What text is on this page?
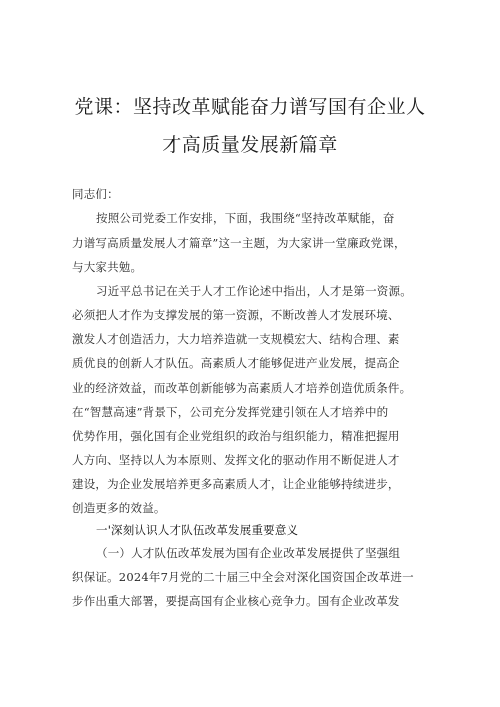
党课：坚持改革赋能奋力谱写国有企业人
才高质量发展新篇章
同志们：
按照公司党委工作安排，下面，我围绕“坚持改革赋能，奋
力谱写高质量发展人才篇章”这一主题，为大家讲一堂廉政党课，
与大家共勉。
习近平总书记在关于人才工作论述中指出，人才是第一资源。
必须把人才作为支撑发展的第一资源，不断改善人才发展环境、
激发人才创造活力，大力培养造就一支规模宏大、结构合理、素
质优良的创新人才队伍。高素质人才能够促进产业发展，提高企
业的经济效益，而改革创新能够为高素质人才培养创造优质条件。
在“智慧高速”背景下，公司充分发挥党建引领在人才培养中的
优势作用，强化国有企业党组织的政治与组织能力，精准把握用
人方向、坚持以人为本原则、发挥文化的驱动作用不断促进人才
建设，为企业发展培养更多高素质人才，让企业能够持续进步，
创造更多的效益。
一'深刻认识人才队伍改革发展重要意义
（一）人才队伍改革发展为国有企业改革发展提供了坚强组
织保证。2024年7月党的二十届三中全会对深化国资国企改革进一
步作出重大部署，要提高国有企业核心竞争力。国有企业改革发
